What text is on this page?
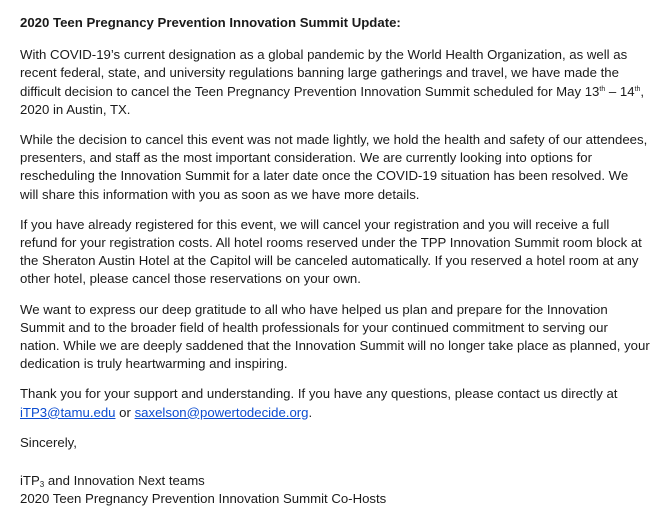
2020 Teen Pregnancy Prevention Innovation Summit Update:

With COVID-19’s current designation as a global pandemic by the World Health Organization, as well as recent federal, state, and university regulations banning large gatherings and travel, we have made the difficult decision to cancel the Teen Pregnancy Prevention Innovation Summit scheduled for May 13th – 14th, 2020 in Austin, TX.

While the decision to cancel this event was not made lightly, we hold the health and safety of our attendees, presenters, and staff as the most important consideration. We are currently looking into options for rescheduling the Innovation Summit for a later date once the COVID-19 situation has been resolved. We will share this information with you as soon as we have more details.

If you have already registered for this event, we will cancel your registration and you will receive a full refund for your registration costs. All hotel rooms reserved under the TPP Innovation Summit room block at the Sheraton Austin Hotel at the Capitol will be canceled automatically. If you reserved a hotel room at any other hotel, please cancel those reservations on your own.

We want to express our deep gratitude to all who have helped us plan and prepare for the Innovation Summit and to the broader field of health professionals for your continued commitment to serving our nation. While we are deeply saddened that the Innovation Summit will no longer take place as planned, your dedication is truly heartwarming and inspiring.

Thank you for your support and understanding. If you have any questions, please contact us directly at iTP3@tamu.edu or saxelson@powertodecide.org.

Sincerely,

iTP$_3$ and Innovation Next teams

2020 Teen Pregnancy Prevention Innovation Summit Co-Hosts
